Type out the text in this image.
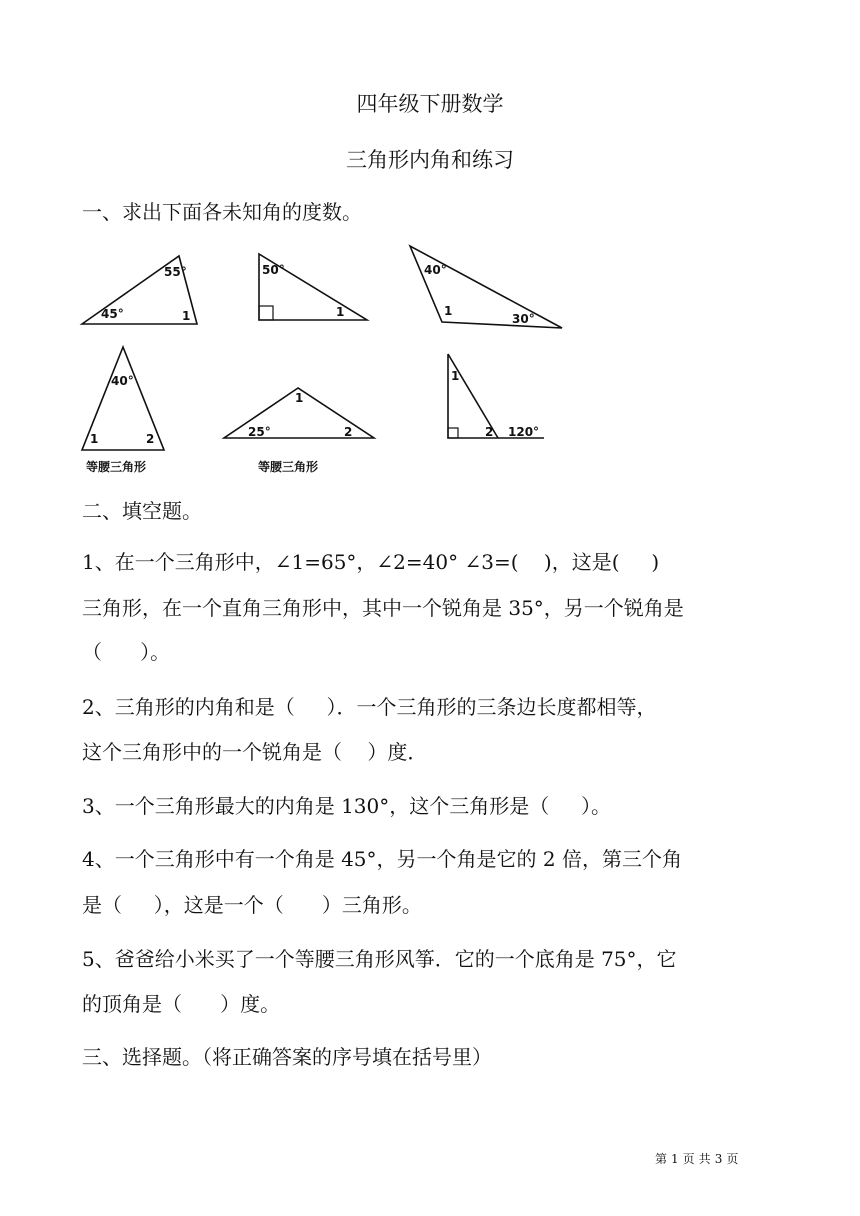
四年级下册数学
三角形内角和练习

一、求出下面各未知角的度数。

55°
45°	1
50°
1
40°
1
30°
40°
1	2
等腰三角形
1
25°	2
等腰三角形
1
2 120°

二、填空题。

1、在一个三角形中，∠1=65°，∠2=40° ∠3=(    )，这是(     )

三角形，在一个直角三角形中，其中一个锐角是 35°，另一个锐角是

（      ）。

2、三角形的内角和是（     ）．一个三角形的三条边长度都相等，

这个三角形中的一个锐角是（    ）度．

3、一个三角形最大的内角是 130°，这个三角形是（     ）。

4、一个三角形中有一个角是 45°，另一个角是它的 2 倍，第三个角

是（     ），这是一个（      ）三角形。

5、爸爸给小米买了一个等腰三角形风筝．它的一个底角是 75°，它

的顶角是（      ）度。

三、选择题。（将正确答案的序号填在括号里）

第 1 页 共 3 页
